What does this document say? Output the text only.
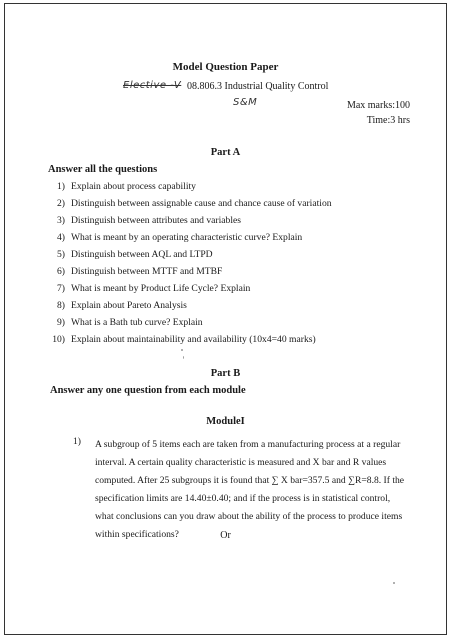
Model Question Paper
Elective -V 08.806.3 Industrial Quality Control
S&M	Max marks:100
Time:3 hrs
Part A
Answer all the questions
1) Explain about process capability
2) Distinguish between assignable cause and chance cause of variation
3) Distinguish between attributes and variables
4) What is meant by an operating characteristic curve? Explain
5) Distinguish between AQL and LTPD
6) Distinguish between MTTF and MTBF
7) What is meant by Product Life Cycle? Explain
8) Explain about Pareto Analysis
9) What is a Bath tub curve? Explain
10) Explain about maintainability and availability (10x4=40 marks)
Part B
Answer any one question from each module
ModuleI
1) A subgroup of 5 items each are taken from a manufacturing process at a regular
interval. A certain quality characteristic is measured and X bar and R values
computed. After 25 subgroups it is found that ∑ X bar=357.5 and ∑R=8.8. If the
specification limits are 14.40±0.40; and if the process is in statistical control,
what conclusions can you draw about the ability of the process to produce items
within specifications?	Or
